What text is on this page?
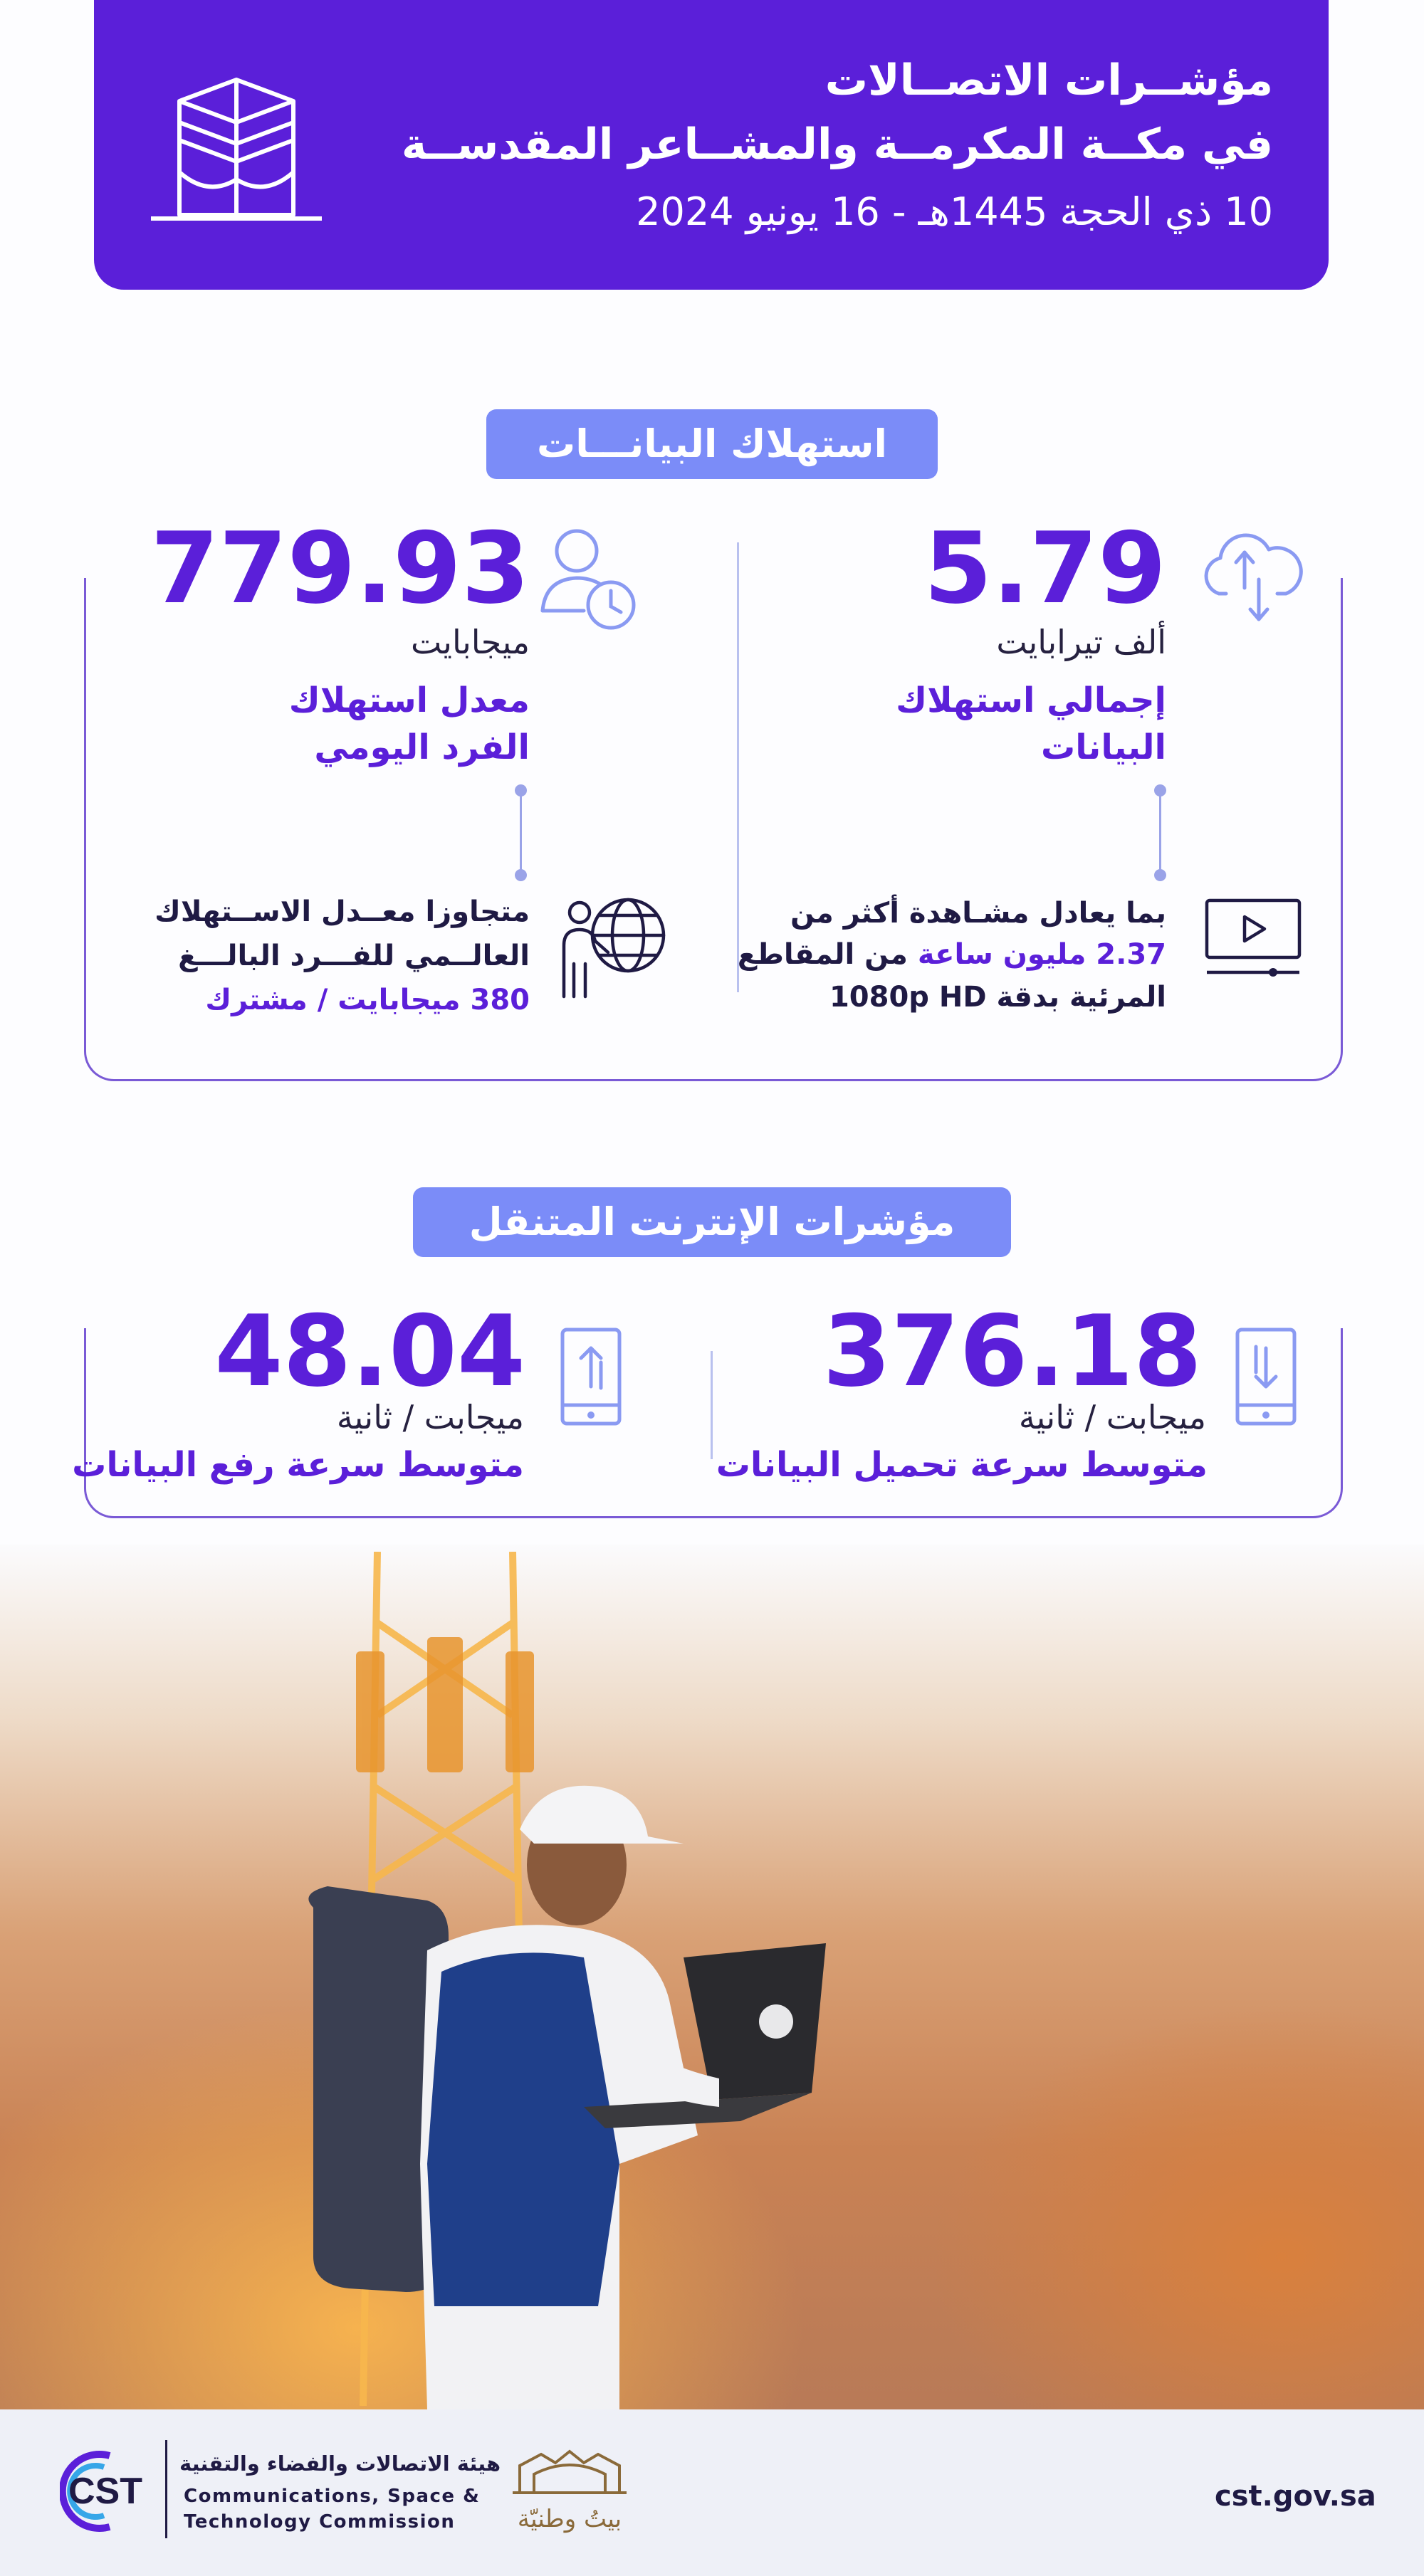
مؤشــرات الاتصــالات
في مكــة المكرمــة والمشــاعر المقدســة
10 ذي الحجة 1445هـ - 16 يونيو 2024
استهلاك البيانـــات
5.79
ألف تيرابايت
إجمالي استهلاك
البيانات
بما يعادل مشـاهدة أكثر من
2.37 مليون ساعة من المقاطع
المرئية بدقة 1080p HD
779.93
ميجابايت
معدل استهلاك
الفرد اليومي
متجاوزا معــدل الاســتهلاك
العالــمي للفـــرد البالـــغ
380 ميجابايت / مشترك
مؤشرات الإنترنت المتنقل
376.18
ميجابت / ثانية
متوسط سرعة تحميل البيانات
48.04
ميجابت / ثانية
متوسط سرعة رفع البيانات
CST
هيئة الاتصالات والفضاء والتقنية
Communications, Space &
Technology Commission	بيتُ وطنيّة
cst.gov.sa
